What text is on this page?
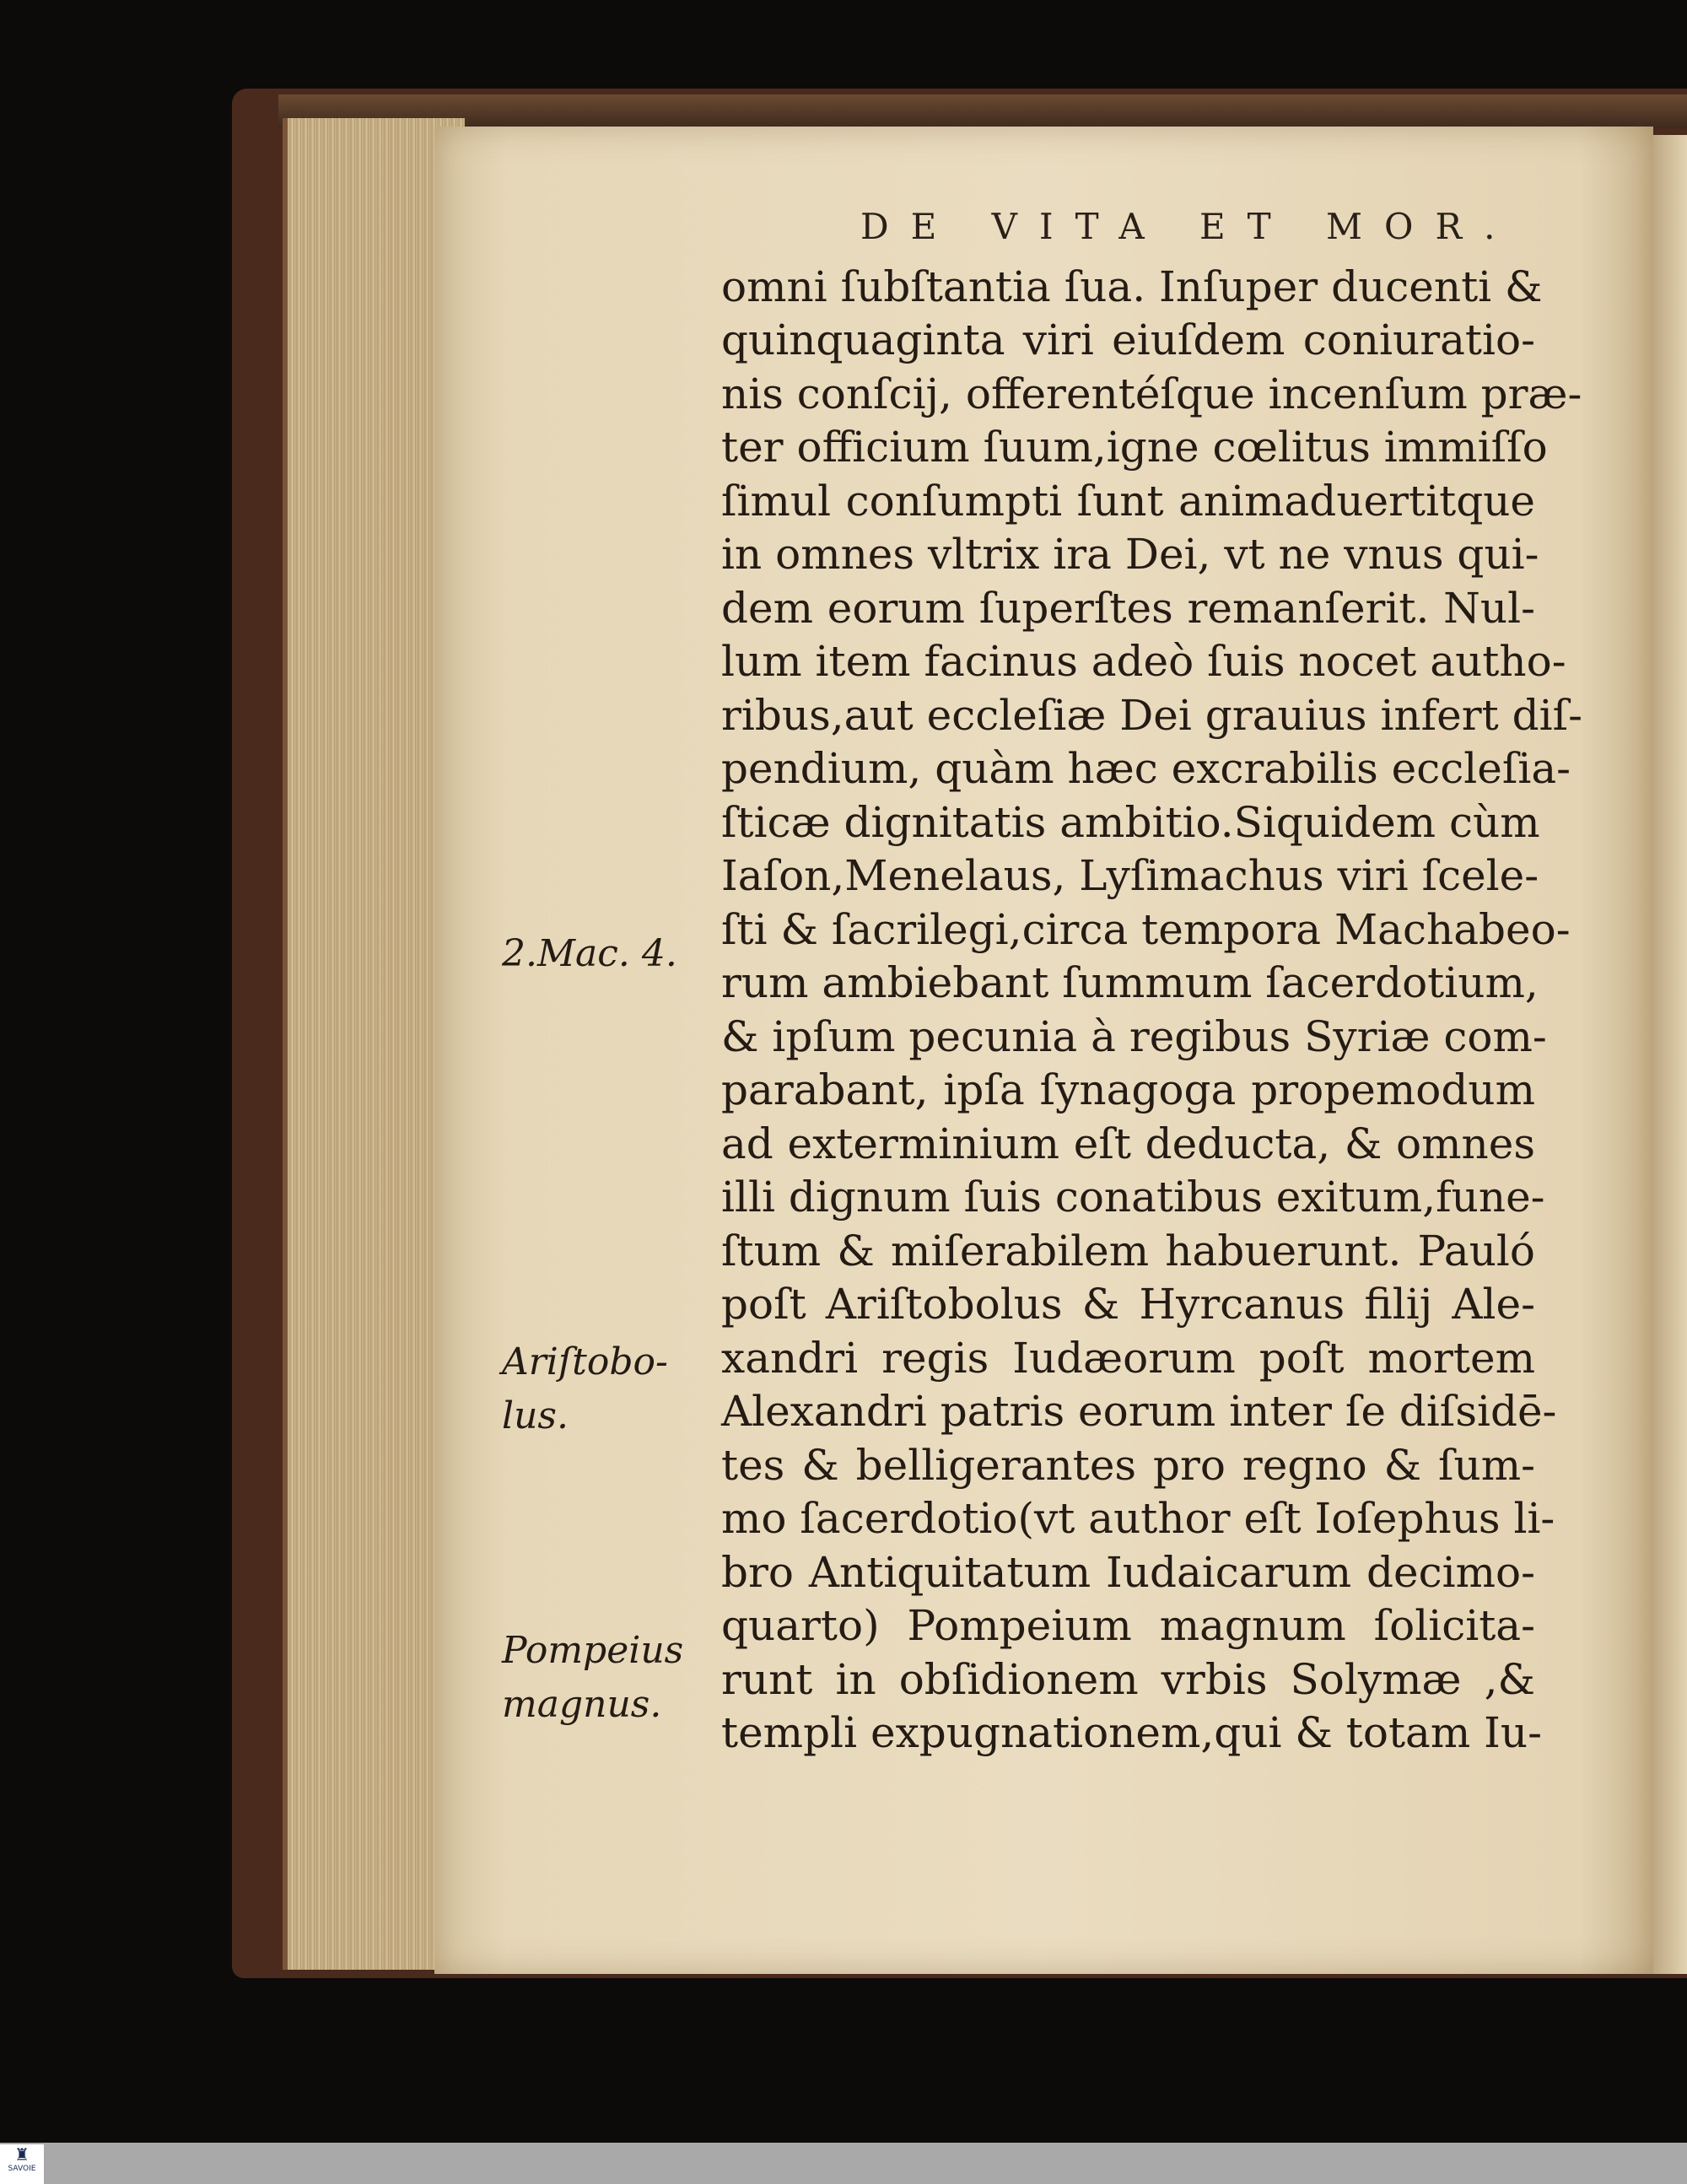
DE VITA ET MOR.
omni ſubſtantia ſua. Inſuper ducenti &
quinquaginta viri eiuſdem coniuratio-
nis conſcij, offerentéſque incenſum præ-
ter officium ſuum,igne cœlitus immiſſo
ſimul conſumpti ſunt animaduertitque
in omnes vltrix ira Dei, vt ne vnus qui-
dem eorum ſuperſtes remanſerit. Nul-
lum item facinus adeò ſuis nocet autho-
ribus,aut eccleſiæ Dei grauius infert diſ-
pendium, quàm hæc excrabilis eccleſia-
ſticæ dignitatis ambitio.Siquidem cùm
Iaſon,Menelaus, Lyſimachus viri ſcele-
ſti & ſacrilegi,circa tempora Machabeo-
rum ambiebant ſummum ſacerdotium,
& ipſum pecunia à regibus Syriæ com-
parabant, ipſa ſynagoga propemodum
ad exterminium eſt deducta, & omnes
illi dignum ſuis conatibus exitum,fune-
ſtum & miſerabilem habuerunt. Pauló
poſt Ariſtobolus & Hyrcanus filij Ale-
xandri regis Iudæorum poſt mortem
Alexandri patris eorum inter ſe diſsidē-
tes & belligerantes pro regno & ſum-
mo ſacerdotio(vt author eſt Ioſephus li-
bro Antiquitatum Iudaicarum decimo-
quarto) Pompeium magnum ſolicita-
runt in obſidionem vrbis Solymæ ,&
templi expugnationem,qui & totam Iu-
2.Mac. 4.
Ariſtobo-
lus.
Pompeius
magnus.
♜
SAVOIE
